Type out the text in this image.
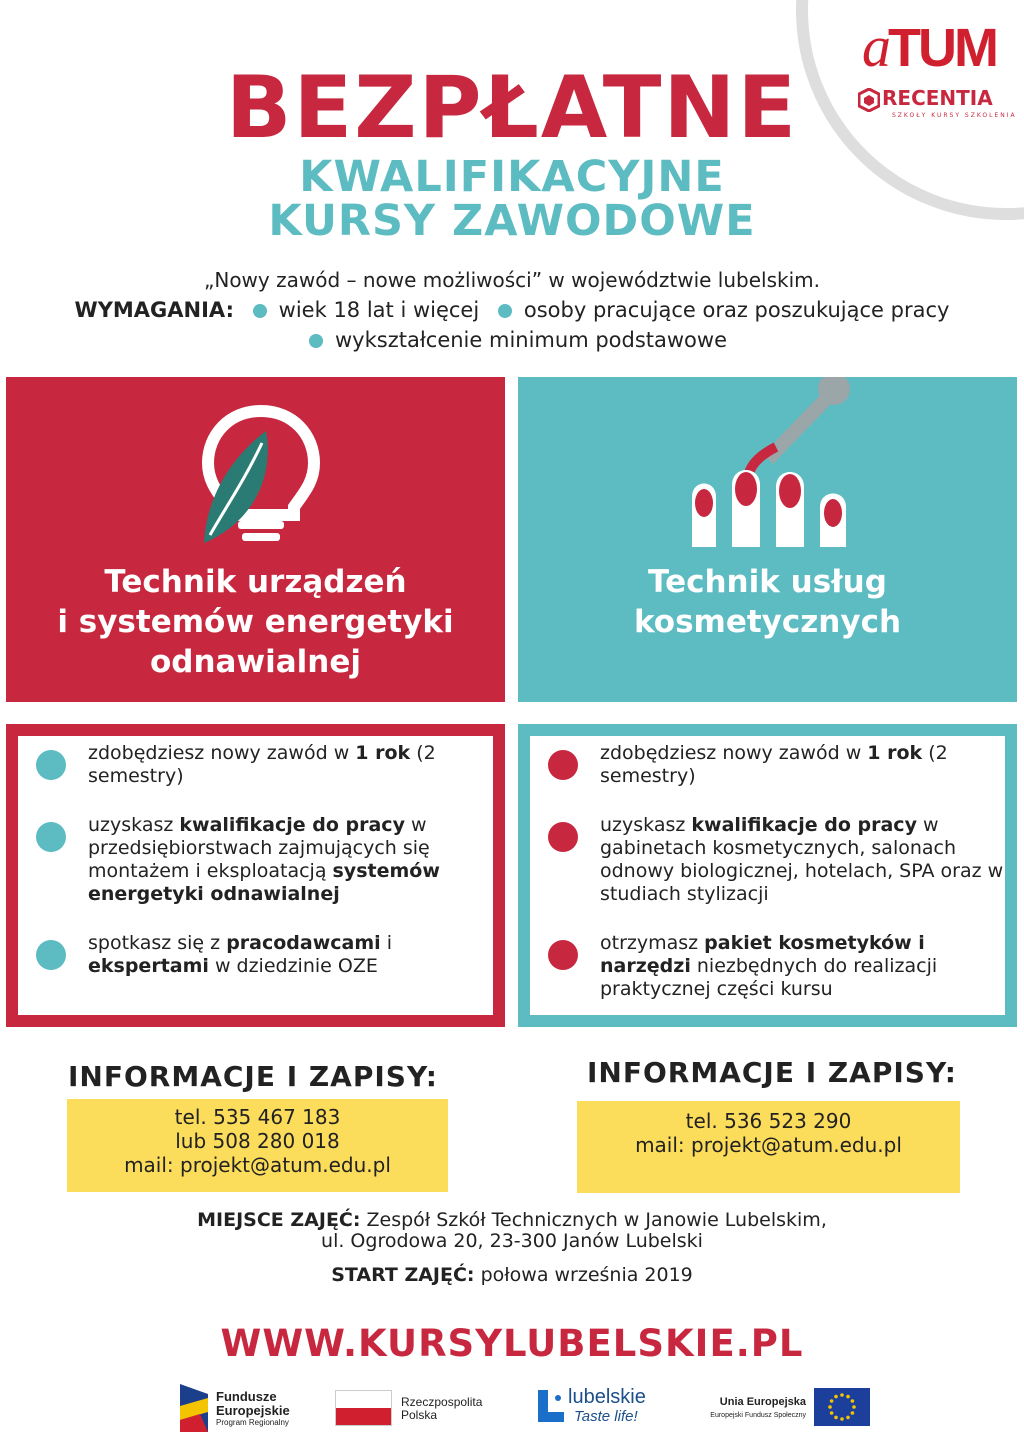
aTUM
RECENTIA
SZKOŁY KURSY SZKOLENIA
BEZPŁATNE
KWALIFIKACYJNE
KURSY ZAWODOWE
„Nowy zawód – nowe możliwości” w województwie lubelskim.
WYMAGANIA: wiek 18 lat i więcej osoby pracujące oraz poszukujące pracy
wykształcenie minimum podstawowe
Technik urządzeń
i systemów energetyki
odnawialnej
Technik usług
kosmetycznych
zdobędziesz nowy zawód w 1 rok (2 semestry)
uzyskasz kwalifikacje do pracy w przedsiębiorstwach zajmujących się montażem i eksploatacją systemów energetyki odnawialnej
spotkasz się z pracodawcami i ekspertami w dziedzinie OZE
zdobędziesz nowy zawód w 1 rok (2 semestry)
uzyskasz kwalifikacje do pracy w gabinetach kosmetycznych, salonach odnowy biologicznej, hotelach, SPA oraz w studiach stylizacji
otrzymasz pakiet kosmetyków i narzędzi niezbędnych do realizacji praktycznej części kursu
INFORMACJE I ZAPISY:
tel. 535 467 183
lub 508 280 018
mail: projekt@atum.edu.pl
INFORMACJE I ZAPISY:
tel. 536 523 290
mail: projekt@atum.edu.pl
MIEJSCE ZAJĘĆ: Zespół Szkół Technicznych w Janowie Lubelskim,
ul. Ogrodowa 20, 23-300 Janów Lubelski
START ZAJĘĆ: połowa września 2019
WWW.KURSYLUBELSKIE.PL
Fundusze
Europejskie
Program Regionalny
Rzeczpospolita
Polska
lubelskie
Taste life!
Unia Europejska
Europejski Fundusz Społeczny
